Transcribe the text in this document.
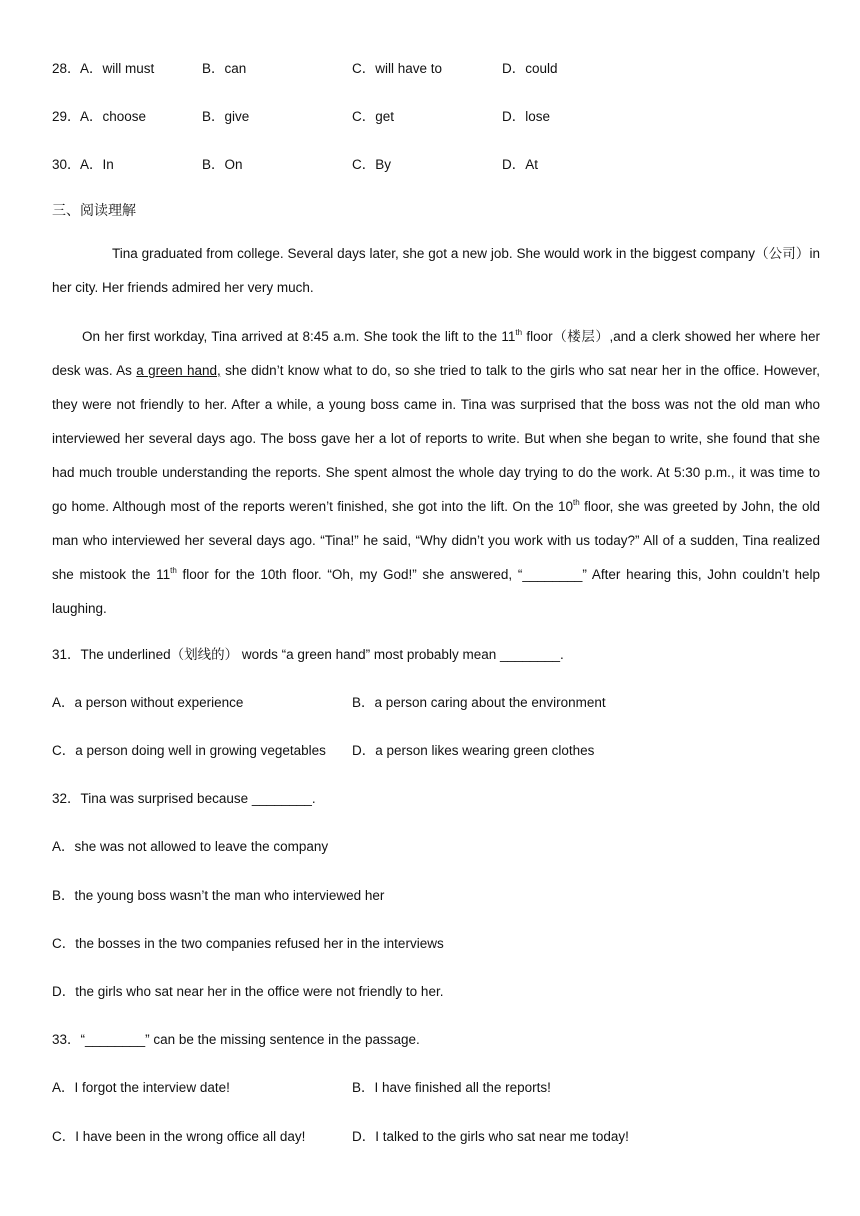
28． A．will must	B．can	C．will have to	D．could
29． A．choose	B．give	C．get	D．lose
30． A．In	B．On	C．By	D．At
三、阅读理解

Tina graduated from college. Several days later, she got a new job. She would work in the biggest company（公司）in her city. Her friends admired her very much.

On her first workday, Tina arrived at 8:45 a.m. She took the lift to the 11th floor（楼层）,and a clerk showed her where her desk was. As a green hand, she didn’t know what to do, so she tried to talk to the girls who sat near her in the office. However, they were not friendly to her. After a while, a young boss came in. Tina was surprised that the boss was not the old man who interviewed her several days ago. The boss gave her a lot of reports to write. But when she began to write, she found that she had much trouble understanding the reports. She spent almost the whole day trying to do the work. At 5:30 p.m., it was time to go home. Although most of the reports weren’t finished, she got into the lift. On the 10th floor, she was greeted by John, the old man who interviewed her several days ago. “Tina!” he said, “Why didn’t you work with us today?” All of a sudden, Tina realized she mistook the 11th floor for the 10th floor. “Oh, my God!” she answered, “________” After hearing this, John couldn’t help laughing.

31．The underlined（划线的） words “a green hand” most probably mean ________.
A．a person without experience	B．a person caring about the environment
C．a person doing well in growing vegetables D．a person likes wearing green clothes
32．Tina was surprised because ________.
A．she was not allowed to leave the company
B．the young boss wasn’t the man who interviewed her
C．the bosses in the two companies refused her in the interviews
D．the girls who sat near her in the office were not friendly to her.
33．“________” can be the missing sentence in the passage.
A．I forgot the interview date!	B．I have finished all the reports!
C．I have been in the wrong office all day!	D．I talked to the girls who sat near me today!
